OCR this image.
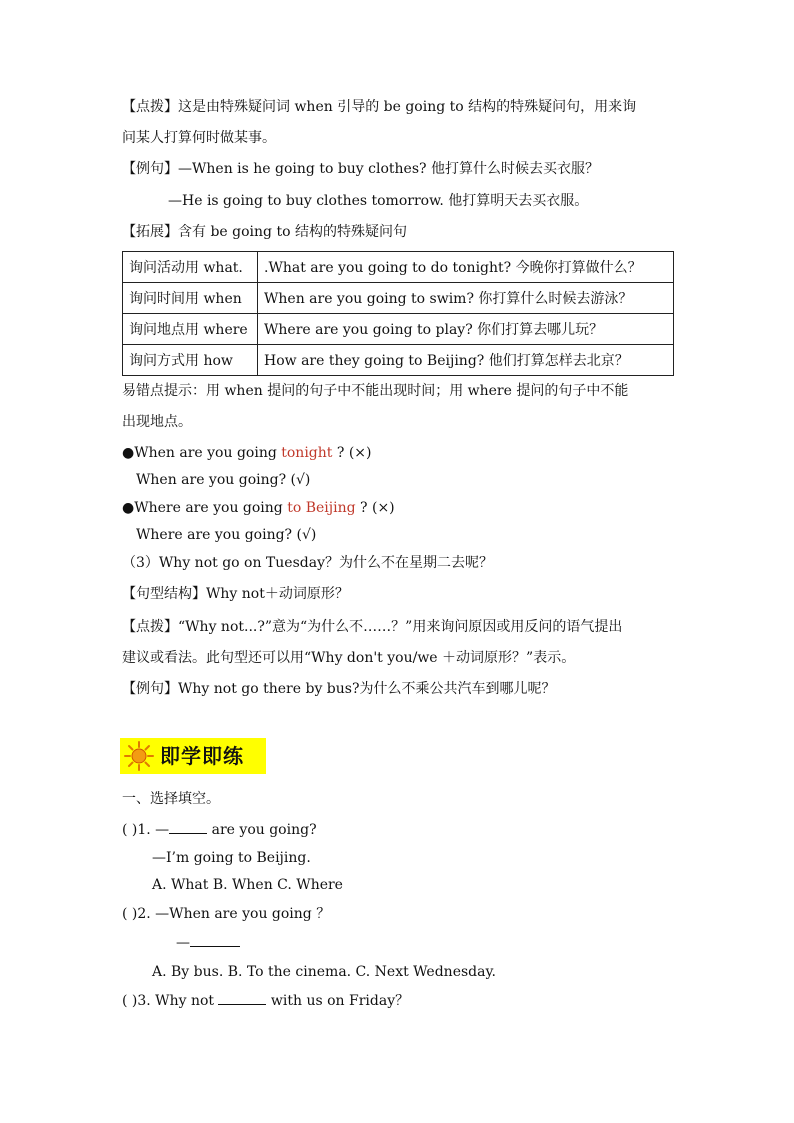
【点拨】这是由特殊疑问词 when 引导的 be going to 结构的特殊疑问句，用来询
问某人打算何时做某事。
【例句】—When is he going to buy clothes? 他打算什么时候去买衣服？
—He is going to buy clothes tomorrow. 他打算明天去买衣服。
【拓展】含有 be going to 结构的特殊疑问句
询问活动用 what.	.What are you going to do tonight? 今晚你打算做什么？
询问时间用 when	When are you going to swim? 你打算什么时候去游泳？
询问地点用 where	Where are you going to play? 你们打算去哪儿玩？
询问方式用 how	How are they going to Beijing? 他们打算怎样去北京？
易错点提示：用 when 提问的句子中不能出现时间；用 where 提问的句子中不能
出现地点。
●When are you going tonight ? (×)
When are you going? (√)
●Where are you going to Beijing ? (×)
Where are you going? (√)
（3）Why not go on Tuesday？为什么不在星期二去呢？
【句型结构】Why not＋动词原形？
【点拨】“Why not...?”意为“为什么不……？”用来询问原因或用反问的语气提出
建议或看法。此句型还可以用“Why don't you/we ＋动词原形？”表示。
【例句】Why not go there by bus?为什么不乘公共汽车到哪儿呢？
即学即练
一、选择填空。
( )1. —	are you going?
—I’m going to Beijing.
A. What B. When C. Where
( )2. —When are you going ？
—
A. By bus. B. To the cinema. C. Next Wednesday.
( )3. Why not	with us on Friday？
